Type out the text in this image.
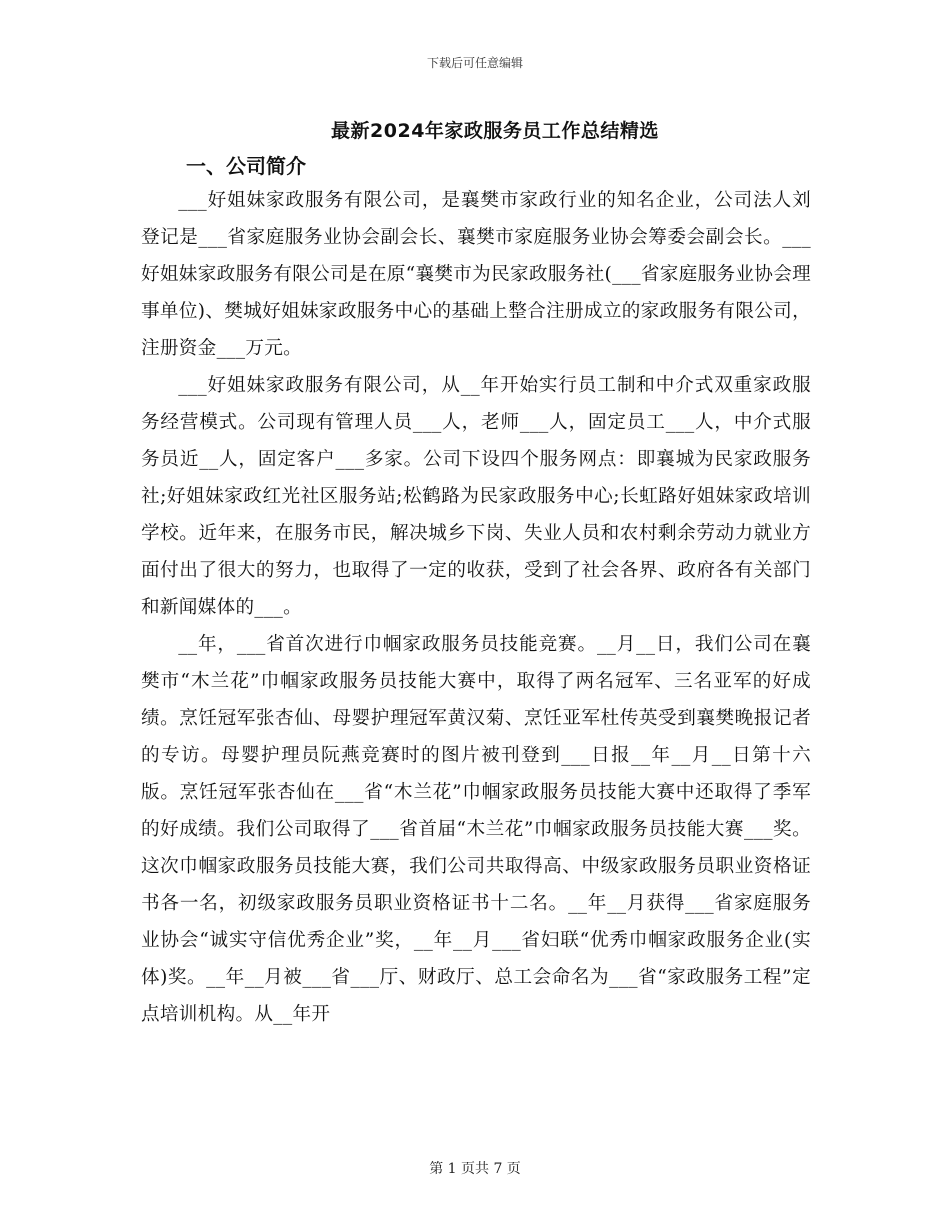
下载后可任意编辑
最新2024年家政服务员工作总结精选
一、公司简介

___好姐妹家政服务有限公司，是襄樊市家政行业的知名企业，公司法人刘登记是___省家庭服务业协会副会长、襄樊市家庭服务业协会筹委会副会长。___好姐妹家政服务有限公司是在原“襄樊市为民家政服务社(___省家庭服务业协会理事单位)、樊城好姐妹家政服务中心的基础上整合注册成立的家政服务有限公司，注册资金___万元。

___好姐妹家政服务有限公司，从__年开始实行员工制和中介式双重家政服务经营模式。公司现有管理人员___人，老师___人，固定员工___人，中介式服务员近__人，固定客户___多家。公司下设四个服务网点：即襄城为民家政服务社;好姐妹家政红光社区服务站;松鹤路为民家政服务中心;长虹路好姐妹家政培训学校。近年来，在服务市民，解决城乡下岗、失业人员和农村剩余劳动力就业方面付出了很大的努力，也取得了一定的收获，受到了社会各界、政府各有关部门和新闻媒体的___。

__年，___省首次进行巾帼家政服务员技能竞赛。__月__日，我们公司在襄樊市“木兰花”巾帼家政服务员技能大赛中，取得了两名冠军、三名亚军的好成绩。烹饪冠军张杏仙、母婴护理冠军黄汉菊、烹饪亚军杜传英受到襄樊晚报记者的专访。母婴护理员阮燕竞赛时的图片被刊登到___日报__年__月__日第十六版。烹饪冠军张杏仙在___省“木兰花”巾帼家政服务员技能大赛中还取得了季军的好成绩。我们公司取得了___省首届“木兰花”巾帼家政服务员技能大赛___奖。这次巾帼家政服务员技能大赛，我们公司共取得高、中级家政服务员职业资格证书各一名，初级家政服务员职业资格证书十二名。__年__月获得___省家庭服务业协会“诚实守信优秀企业”奖，__年__月___省妇联“优秀巾帼家政服务企业(实体)奖。__年__月被___省___厅、财政厅、总工会命名为___省“家政服务工程”定点培训机构。从__年开

第 1 页共 7 页
